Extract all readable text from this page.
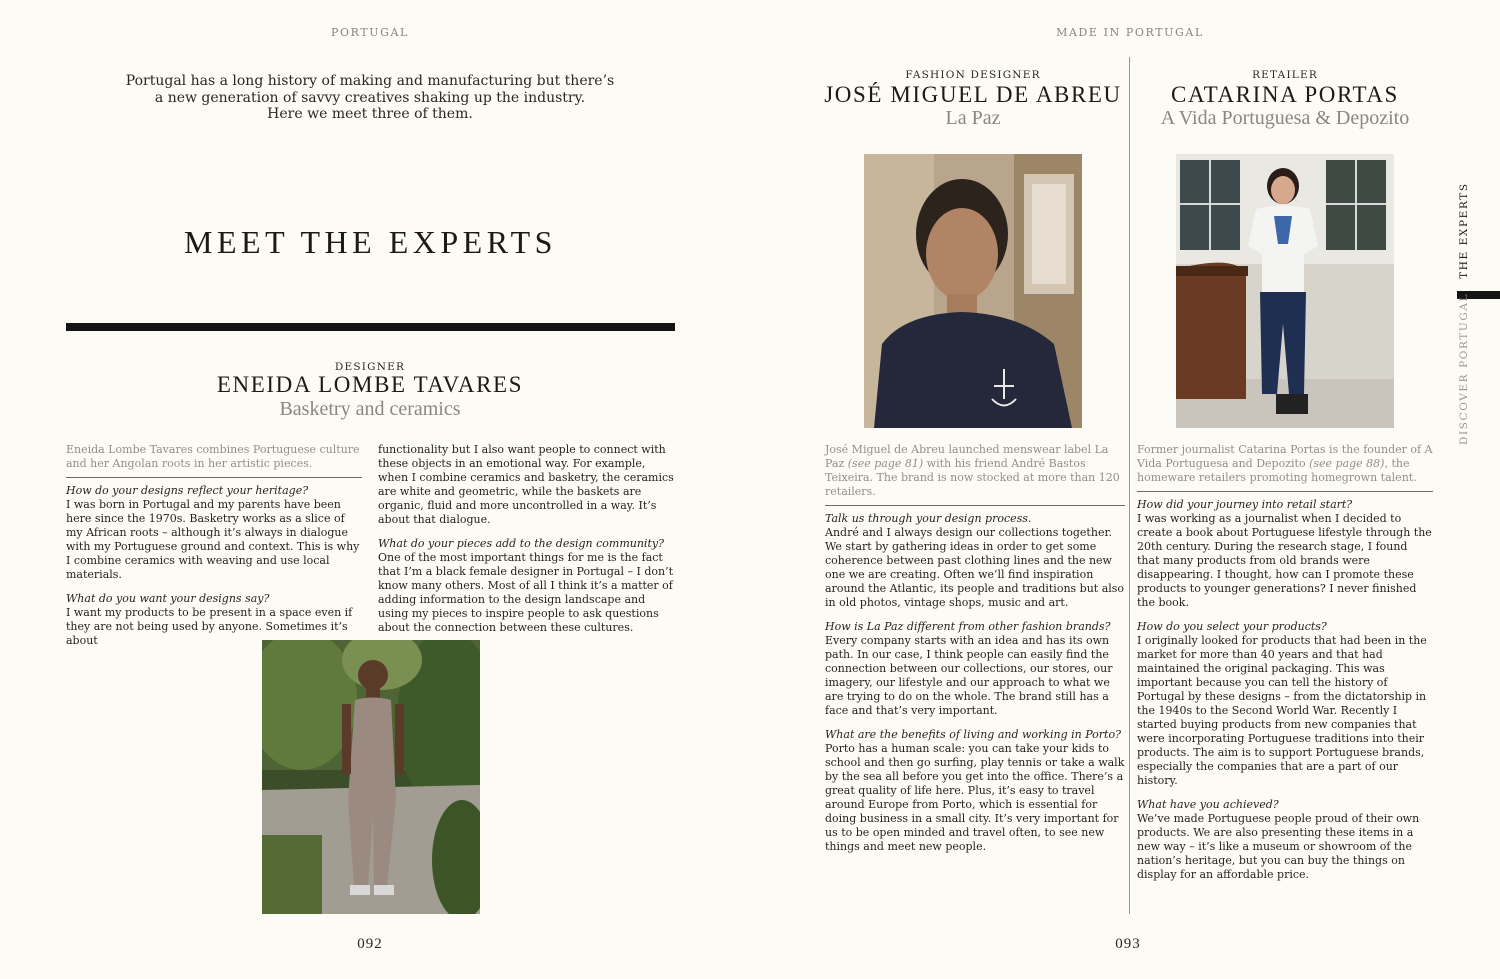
PORTUGAL
Portugal has a long history of making and manufacturing but there’s
a new generation of savvy creatives shaking up the industry.
Here we meet three of them.
MEET THE EXPERTS
DESIGNER
ENEIDA LOMBE TAVARES
Basketry and ceramics

Eneida Lombe Tavares combines Portuguese culture and her Angolan roots in her artistic pieces.

How do your designs reflect your heritage?
I was born in Portugal and my parents have been here since the 1970s. Basketry works as a slice of my African roots – although it’s always in dialogue with my Portuguese ground and context. This is why I combine ceramics with weaving and use local materials.

What do you want your designs say?
I want my products to be present in a space even if they are not being used by anyone. Sometimes it’s about

functionality but I also want people to connect with these objects in an emotional way. For example, when I combine ceramics and basketry, the ceramics are white and geometric, while the baskets are organic, fluid and more uncontrolled in a way. It’s about that dialogue.

What do your pieces add to the design community?
One of the most important things for me is the fact that I’m a black female designer in Portugal – I don’t know many others. Most of all I think it’s a matter of adding information to the design landscape and using my pieces to inspire people to ask questions about the connection between these cultures.

092
MADE IN PORTUGAL
FASHION DESIGNER
JOSÉ MIGUEL DE ABREU
La Paz

José Miguel de Abreu launched menswear label La Paz (see page 81) with his friend André Bastos Teixeira. The brand is now stocked at more than 120 retailers.

Talk us through your design process.
André and I always design our collections together. We start by gathering ideas in order to get some coherence between past clothing lines and the new one we are creating. Often we’ll find inspiration around the Atlantic, its people and traditions but also in old photos, vintage shops, music and art.

How is La Paz different from other fashion brands?
Every company starts with an idea and has its own path. In our case, I think people can easily find the connection between our collections, our stores, our imagery, our lifestyle and our approach to what we are trying to do on the whole. The brand still has a face and that’s very important.

What are the benefits of living and working in Porto?
Porto has a human scale: you can take your kids to school and then go surfing, play tennis or take a walk by the sea all before you get into the office. There’s a great quality of life here. Plus, it’s easy to travel around Europe from Porto, which is essential for doing business in a small city. It’s very important for us to be open minded and travel often, to see new things and meet new people.

RETAILER
CATARINA PORTAS
A Vida Portuguesa & Depozito

Former journalist Catarina Portas is the founder of A Vida Portuguesa and Depozito (see page 88), the homeware retailers promoting homegrown talent.

How did your journey into retail start?
I was working as a journalist when I decided to create a book about Portuguese lifestyle through the 20th century. During the research stage, I found that many products from old brands were disappearing. I thought, how can I promote these products to younger generations? I never finished the book.

How do you select your products?
I originally looked for products that had been in the market for more than 40 years and that had maintained the original packaging. This was important because you can tell the history of Portugal by these designs – from the dictatorship in the 1940s to the Second World War. Recently I started buying products from new companies that were incorporating Portuguese traditions into their products. The aim is to support Portuguese brands, especially the companies that are a part of our history.

What have you achieved?
We’ve made Portuguese people proud of their own products. We are also presenting these items in a new way – it’s like a museum or showroom of the nation’s heritage, but you can buy the things on display for an affordable price.

DISCOVER PORTUGALTHE EXPERTS
093
